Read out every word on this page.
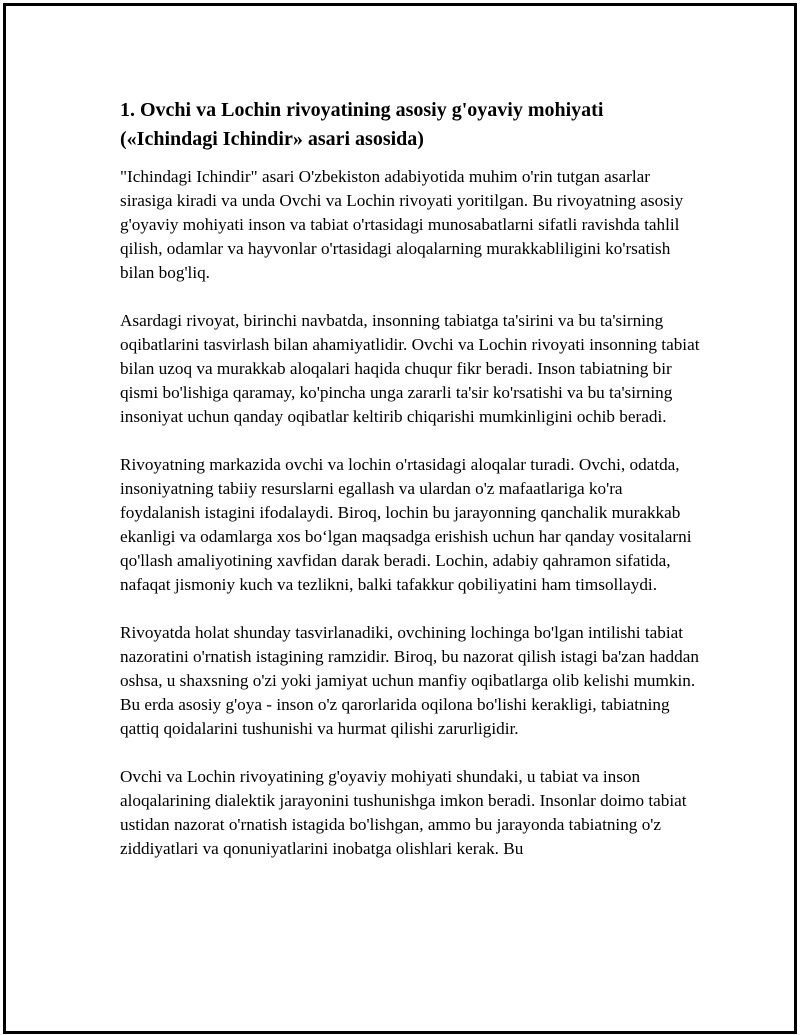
1. Ovchi va Lochin rivoyatining asosiy g'oyaviy mohiyati («Ichindagi Ichindir» asari asosida)

"Ichindagi Ichindir" asari O'zbekiston adabiyotida muhim o'rin tutgan asarlar sirasiga kiradi va unda Ovchi va Lochin rivoyati yoritilgan. Bu rivoyatning asosiy g'oyaviy mohiyati inson va tabiat o'rtasidagi munosabatlarni sifatli ravishda tahlil qilish, odamlar va hayvonlar o'rtasidagi aloqalarning murakkabliligini ko'rsatish bilan bog'liq.

Asardagi rivoyat, birinchi navbatda, insonning tabiatga ta'sirini va bu ta'sirning oqibatlarini tasvirlash bilan ahamiyatlidir. Ovchi va Lochin rivoyati insonning tabiat bilan uzoq va murakkab aloqalari haqida chuqur fikr beradi. Inson tabiatning bir qismi bo'lishiga qaramay, ko'pincha unga zararli ta'sir ko'rsatishi va bu ta'sirning insoniyat uchun qanday oqibatlar keltirib chiqarishi mumkinligini ochib beradi.

Rivoyatning markazida ovchi va lochin o'rtasidagi aloqalar turadi. Ovchi, odatda, insoniyatning tabiiy resurslarni egallash va ulardan o'z mafaatlariga ko'ra foydalanish istagini ifodalaydi. Biroq, lochin bu jarayonning qanchalik murakkab ekanligi va odamlarga xos bo‘lgan maqsadga erishish uchun har qanday vositalarni qo'llash amaliyotining xavfidan darak beradi. Lochin, adabiy qahramon sifatida, nafaqat jismoniy kuch va tezlikni, balki tafakkur qobiliyatini ham timsollaydi.

Rivoyatda holat shunday tasvirlanadiki, ovchining lochinga bo'lgan intilishi tabiat nazoratini o'rnatish istagining ramzidir. Biroq, bu nazorat qilish istagi ba'zan haddan oshsa, u shaxsning o'zi yoki jamiyat uchun manfiy oqibatlarga olib kelishi mumkin. Bu erda asosiy g'oya - inson o'z qarorlarida oqilona bo'lishi kerakligi, tabiatning qattiq qoidalarini tushunishi va hurmat qilishi zarurligidir.

Ovchi va Lochin rivoyatining g'oyaviy mohiyati shundaki, u tabiat va inson aloqalarining dialektik jarayonini tushunishga imkon beradi. Insonlar doimo tabiat ustidan nazorat o'rnatish istagida bo'lishgan, ammo bu jarayonda tabiatning o'z ziddiyatlari va qonuniyatlarini inobatga olishlari kerak. Bu
